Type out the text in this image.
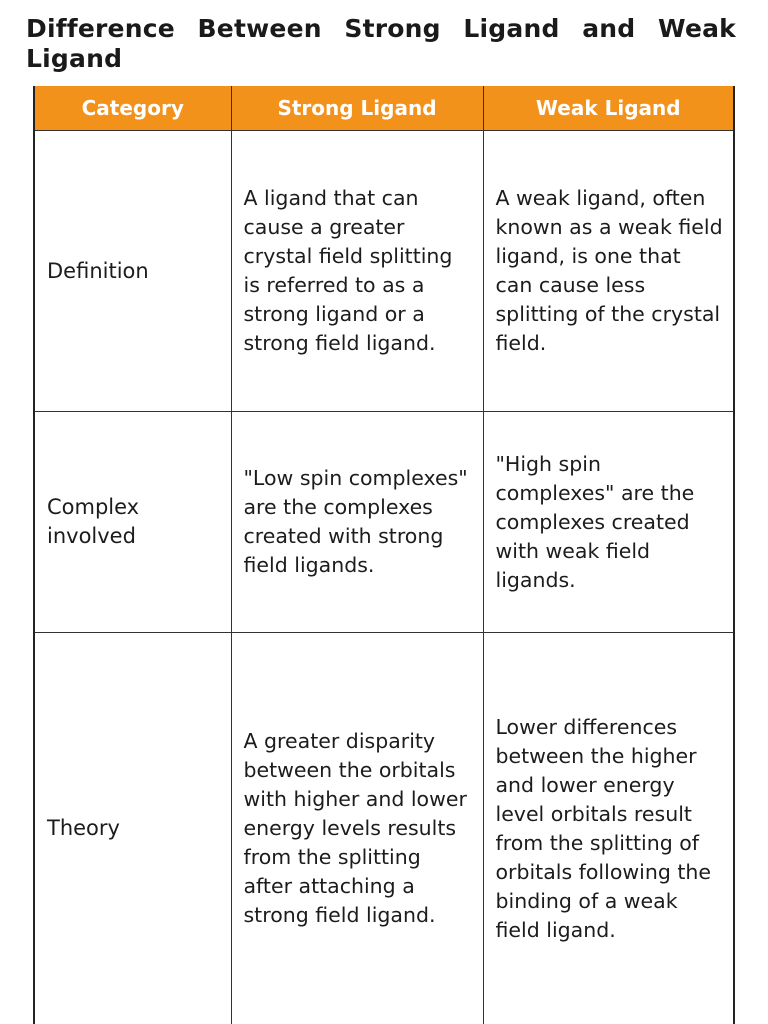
Difference Between Strong Ligand and Weak Ligand
Category	Strong Ligand	Weak Ligand
Definition	A ligand that can cause a greater crystal field splitting is referred to as a strong ligand or a strong field ligand.	A weak ligand, often known as a weak field ligand, is one that can cause less splitting of the crystal field.
Complex involved	"Low spin complexes" are the complexes created with strong field ligands.	"High spin complexes" are the complexes created with weak field ligands.
Theory	A greater disparity between the orbitals with higher and lower energy levels results from the splitting after attaching a strong field ligand.	Lower differences between the higher and lower energy level orbitals result from the splitting of orbitals following the binding of a weak field ligand.
